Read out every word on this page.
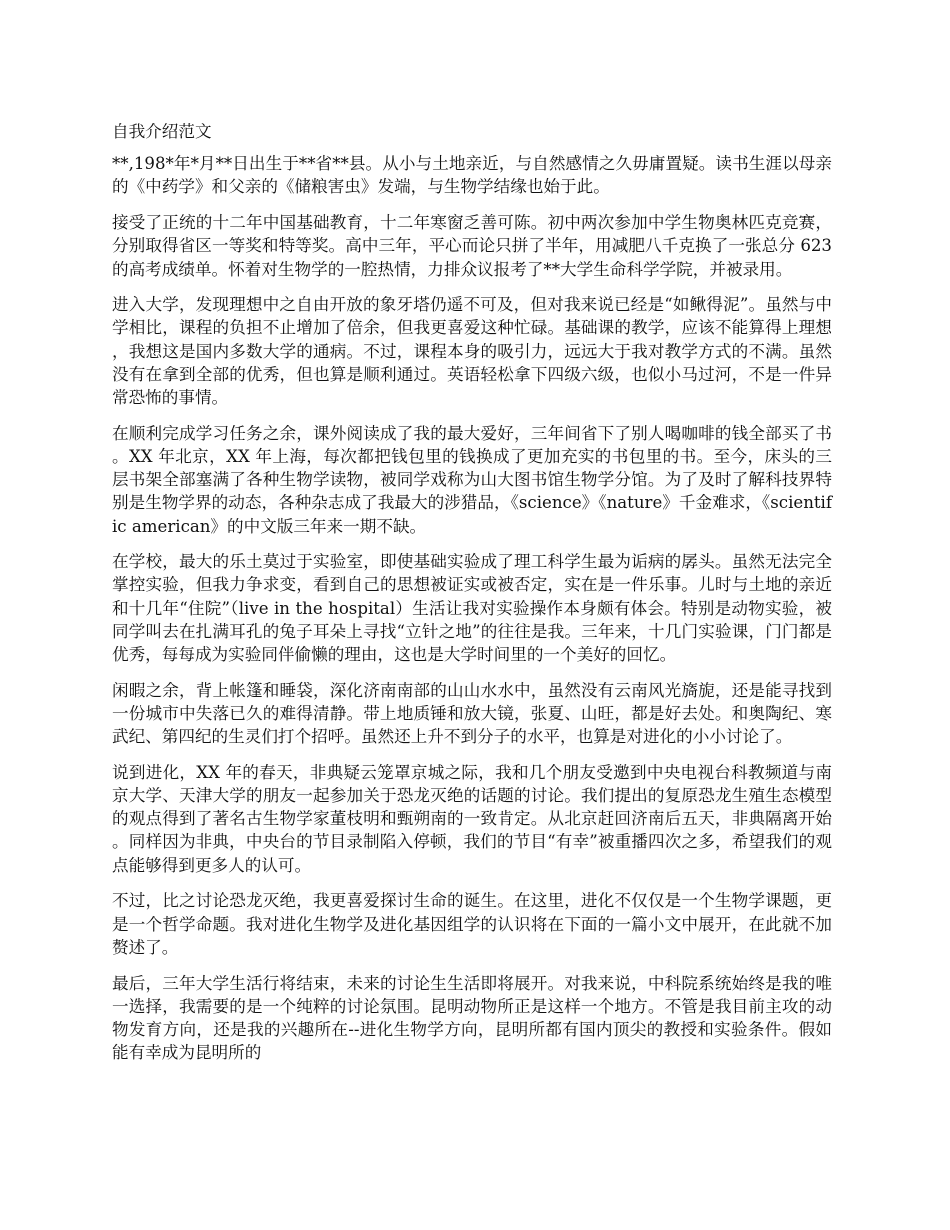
自我介绍范文

**,198*年*月**日出生于**省**县。从小与土地亲近，与自然感情之久毋庸置疑。读书生涯以母亲的《中药学》和父亲的《储粮害虫》发端，与生物学结缘也始于此。

接受了正统的十二年中国基础教育，十二年寒窗乏善可陈。初中两次参加中学生物奥林匹克竞赛，分别取得省区一等奖和特等奖。高中三年，平心而论只拼了半年，用减肥八千克换了一张总分 623 的高考成绩单。怀着对生物学的一腔热情，力排众议报考了**大学生命科学学院，并被录用。

进入大学，发现理想中之自由开放的象牙塔仍遥不可及，但对我来说已经是“如鳅得泥”。虽然与中学相比，课程的负担不止增加了倍余，但我更喜爱这种忙碌。基础课的教学，应该不能算得上理想，我想这是国内多数大学的通病。不过，课程本身的吸引力，远远大于我对教学方式的不满。虽然没有在拿到全部的优秀，但也算是顺利通过。英语轻松拿下四级六级，也似小马过河，不是一件异常恐怖的事情。

在顺利完成学习任务之余，课外阅读成了我的最大爱好，三年间省下了别人喝咖啡的钱全部买了书。XX 年北京，XX 年上海，每次都把钱包里的钱换成了更加充实的书包里的书。至今，床头的三层书架全部塞满了各种生物学读物，被同学戏称为山大图书馆生物学分馆。为了及时了解科技界特别是生物学界的动态，各种杂志成了我最大的涉猎品，《science》《nature》千金难求，《scientific american》的中文版三年来一期不缺。

在学校，最大的乐土莫过于实验室，即使基础实验成了理工科学生最为诟病的孱头。虽然无法完全掌控实验，但我力争求变，看到自己的思想被证实或被否定，实在是一件乐事。儿时与土地的亲近和十几年“住院”（live in the hospital）生活让我对实验操作本身颇有体会。特别是动物实验，被同学叫去在扎满耳孔的兔子耳朵上寻找“立针之地”的往往是我。三年来，十几门实验课，门门都是优秀，每每成为实验同伴偷懒的理由，这也是大学时间里的一个美好的回忆。

闲暇之余，背上帐篷和睡袋，深化济南南部的山山水水中，虽然没有云南风光旖旎，还是能寻找到一份城市中失落已久的难得清静。带上地质锤和放大镜，张夏、山旺，都是好去处。和奥陶纪、寒武纪、第四纪的生灵们打个招呼。虽然还上升不到分子的水平，也算是对进化的小小讨论了。

说到进化，XX 年的春天，非典疑云笼罩京城之际，我和几个朋友受邀到中央电视台科教频道与南京大学、天津大学的朋友一起参加关于恐龙灭绝的话题的讨论。我们提出的复原恐龙生殖生态模型的观点得到了著名古生物学家董枝明和甄朔南的一致肯定。从北京赶回济南后五天，非典隔离开始。同样因为非典，中央台的节目录制陷入停顿，我们的节目“有幸”被重播四次之多，希望我们的观点能够得到更多人的认可。

不过，比之讨论恐龙灭绝，我更喜爱探讨生命的诞生。在这里，进化不仅仅是一个生物学课题，更是一个哲学命题。我对进化生物学及进化基因组学的认识将在下面的一篇小文中展开，在此就不加赘述了。

最后，三年大学生活行将结束，未来的讨论生生活即将展开。对我来说，中科院系统始终是我的唯一选择，我需要的是一个纯粹的讨论氛围。昆明动物所正是这样一个地方。不管是我目前主攻的动物发育方向，还是我的兴趣所在--进化生物学方向，昆明所都有国内顶尖的教授和实验条件。假如能有幸成为昆明所的
